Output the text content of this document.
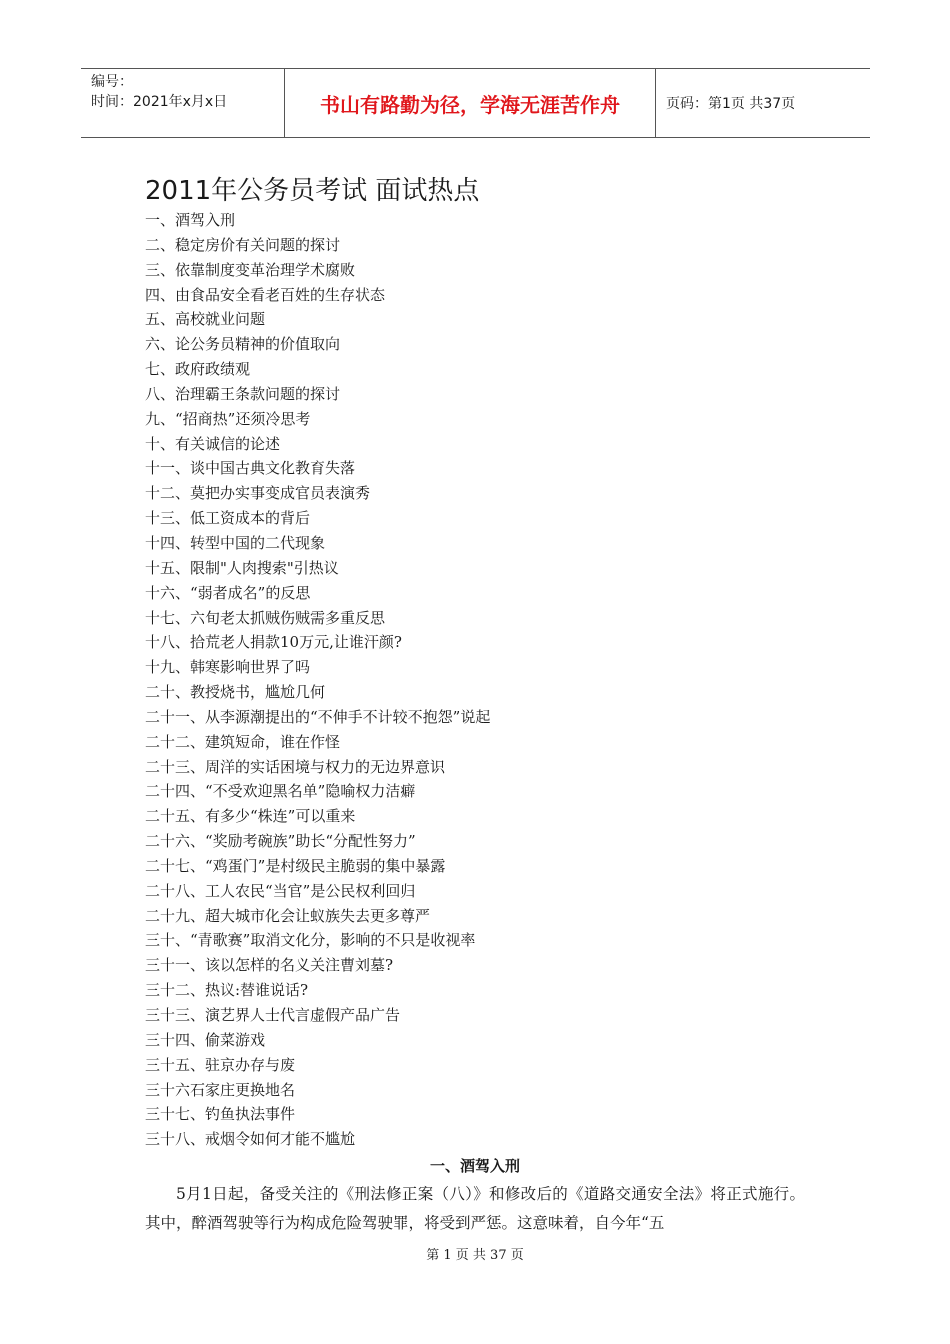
编号：
时间：2021年x月x日	书山有路勤为径，学海无涯苦作舟	页码：第1页 共37页
2011年公务员考试 面试热点
一、酒驾入刑
二、稳定房价有关问题的探讨
三、依靠制度变革治理学术腐败
四、由食品安全看老百姓的生存状态
五、高校就业问题
六、论公务员精神的价值取向
七、政府政绩观
八、治理霸王条款问题的探讨
九、“招商热”还须冷思考
十、有关诚信的论述
十一、谈中国古典文化教育失落
十二、莫把办实事变成官员表演秀
十三、低工资成本的背后
十四、转型中国的二代现象
十五、限制"人肉搜索"引热议
十六、“弱者成名”的反思
十七、六旬老太抓贼伤贼需多重反思
十八、拾荒老人捐款10万元,让谁汗颜?
十九、韩寒影响世界了吗
二十、教授烧书，尴尬几何
二十一、从李源潮提出的“不伸手不计较不抱怨”说起
二十二、建筑短命，谁在作怪
二十三、周洋的实话困境与权力的无边界意识
二十四、“不受欢迎黑名单”隐喻权力洁癖
二十五、有多少“株连”可以重来
二十六、“奖励考碗族”助长“分配性努力”
二十七、“鸡蛋门”是村级民主脆弱的集中暴露
二十八、工人农民“当官”是公民权利回归
二十九、超大城市化会让蚁族失去更多尊严
三十、“青歌赛”取消文化分，影响的不只是收视率
三十一、该以怎样的名义关注曹刘墓?
三十二、热议:替谁说话?
三十三、演艺界人士代言虚假产品广告
三十四、偷菜游戏
三十五、驻京办存与废
三十六石家庄更换地名
三十七、钓鱼执法事件
三十八、戒烟令如何才能不尴尬
一、酒驾入刑

5月1日起，备受关注的《刑法修正案（八）》和修改后的《道路交通安全法》将正式施行。其中，醉酒驾驶等行为构成危险驾驶罪，将受到严惩。这意味着，自今年“五

第 1 页 共 37 页
